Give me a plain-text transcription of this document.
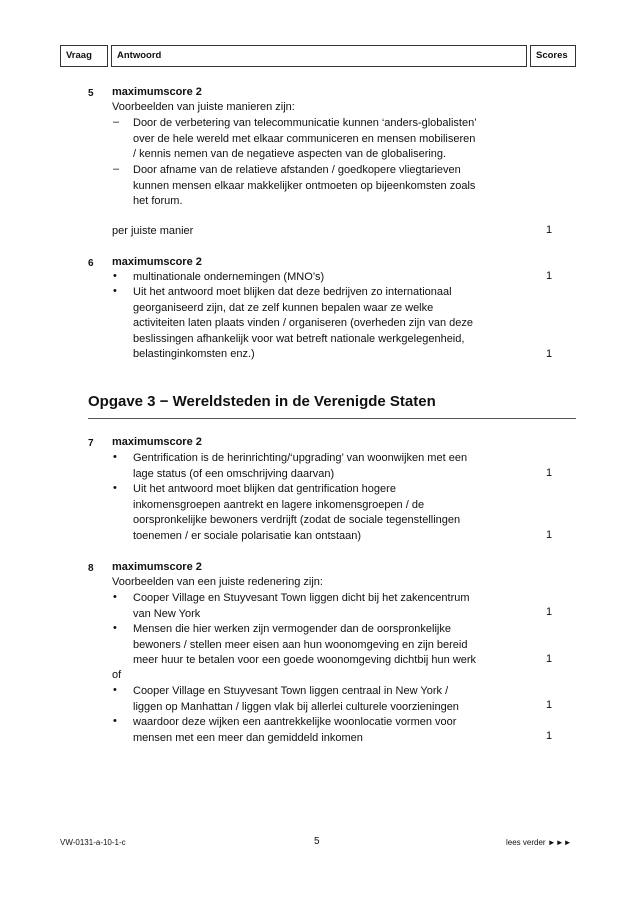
Vraag	Antwoord	Scores
5 maximumscore 2
Voorbeelden van juiste manieren zijn:
– Door de verbetering van telecommunicatie kunnen ‘anders-globalisten’
over de hele wereld met elkaar communiceren en mensen mobiliseren
/ kennis nemen van de negatieve aspecten van de globalisering.
– Door afname van de relatieve afstanden / goedkopere vliegtarieven
kunnen mensen elkaar makkelijker ontmoeten op bijeenkomsten zoals
het forum.
per juiste manier	1
6 maximumscore 2
• multinationale ondernemingen (MNO’s)	1
• Uit het antwoord moet blijken dat deze bedrijven zo internationaal
georganiseerd zijn, dat ze zelf kunnen bepalen waar ze welke
activiteiten laten plaats vinden / organiseren (overheden zijn van deze
beslissingen afhankelijk voor wat betreft nationale werkgelegenheid,
belastinginkomsten enz.)	1
Opgave 3 − Wereldsteden in de Verenigde Staten
7 maximumscore 2
• Gentrification is de herinrichting/‘upgrading’ van woonwijken met een
lage status (of een omschrijving daarvan)	1
• Uit het antwoord moet blijken dat gentrification hogere
inkomensgroepen aantrekt en lagere inkomensgroepen / de
oorspronkelijke bewoners verdrijft (zodat de sociale tegenstellingen
toenemen / er sociale polarisatie kan ontstaan)	1
8 maximumscore 2
Voorbeelden van een juiste redenering zijn:
• Cooper Village en Stuyvesant Town liggen dicht bij het zakencentrum
van New York	1
• Mensen die hier werken zijn vermogender dan de oorspronkelijke
bewoners / stellen meer eisen aan hun woonomgeving en zijn bereid
meer huur te betalen voor een goede woonomgeving dichtbij hun werk	1
of
• Cooper Village en Stuyvesant Town liggen centraal in New York /
liggen op Manhattan / liggen vlak bij allerlei culturele voorzieningen	1
• waardoor deze wijken een aantrekkelijke woonlocatie vormen voor
mensen met een meer dan gemiddeld inkomen	1
VW-0131-a-10-1-c	5	lees verder ►►►
